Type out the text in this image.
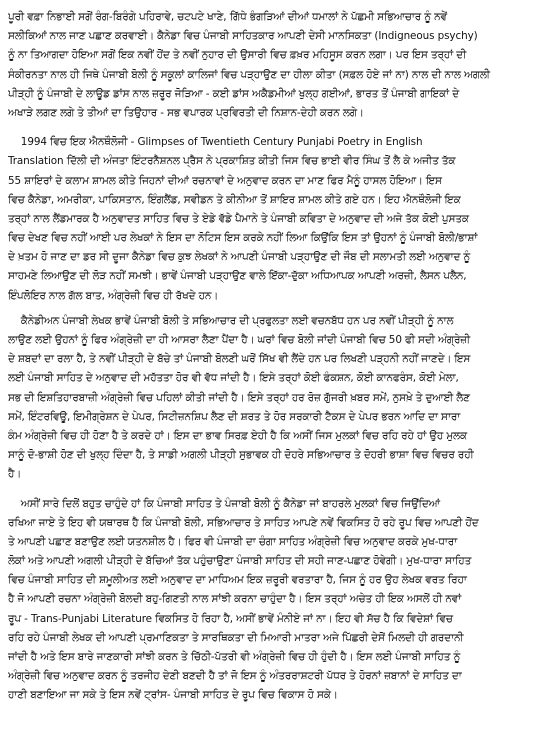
ਪੂਰੀ ਵਫ਼ਾ ਨਿਭਾਈ ਸਗੋਂ ਰੰਗ-ਬਿਰੰਗੇ ਪਹਿਰਾਵੇ, ਚਟਪਟੇ ਖਾਣੇ, ਗਿੱਧੇ ਭੰਗੜਿਆਂ ਦੀਆਂ ਧਮਾਲਾਂ ਨੇ ਪੱਛਮੀ ਸਭਿਆਚਾਰ ਨੂੰ ਨਵੇਂ
ਸਲੀਕਿਆਂ ਨਾਲ ਜਾਣ ਪਛਾਣ ਕਰਵਾਈ। ਕੈਨੇਡਾ ਵਿਚ ਪੰਜਾਬੀ ਸਾਹਿਤਕਾਰ ਆਪਣੀ ਦੇਸੀ ਮਾਨਸਿਕਤਾ (Indigneous psychy)
ਨੂੰ ਨਾ ਤਿਆਗਦਾ ਹੋਇਆ ਸਗੋਂ ਇਕ ਨਵੀਂ ਹੋਂਦ ਤੇ ਨਵੀਂ ਨੁਹਾਰ ਦੀ ਉਸਾਰੀ ਵਿਚ ਫ਼ਖ਼ਰ ਮਹਿਸੂਸ ਕਰਨ ਲਗਾ। ਪਰ ਇਸ ਤਰ੍ਹਾਂ ਦੀ
ਸੰਕੀਰਨਤਾ ਨਾਲ ਹੀ ਜਿਥੇ ਪੰਜਾਬੀ ਬੋਲੀ ਨੂੰ ਸਕੂਲਾਂ ਕਾਲਿਜਾਂ ਵਿਚ ਪੜ੍ਹਾਉਣ ਦਾ ਹੀਲਾ ਕੀਤਾ (ਸਫ਼ਲ ਹੋਏ ਜਾਂ ਨਾ) ਨਾਲ ਦੀ ਨਾਲ ਅਗਲੀ
ਪੀੜ੍ਹੀ ਨੂੰ ਪੰਜਾਬੀ ਦੇ ਲਾਊਡ ਡਾਂਸ ਨਾਲ ਜ਼ਰੂਰ ਜੋੜਿਆ - ਕਈ ਡਾਂਸ ਅਕੈਡਮੀਆਂ ਖੁਲ੍ਹ ਗਈਆਂ, ਭਾਰਤ ਤੋਂ ਪੰਜਾਬੀ ਗਾਇਕਾਂ ਦੇ
ਅਖਾੜੇ ਲਗਣ ਲਗੇ ਤੇ ਤੀਆਂ ਦਾ ਤਿਉਹਾਰ - ਸਭ ਵਪਾਰਕ ਪ੍ਰਵਿਰਤੀ ਦੀ ਨਿਸ਼ਾਨ-ਦੇਹੀ ਕਰਨ ਲਗੇ।
1994 ਵਿਚ ਇਕ ਐਨਥੌਲੋਜੀ - Glimpses of Twentieth Century Punjabi Poetry in English
Translation ਦਿੱਲੀ ਦੀ ਅੰਜਤਾ ਇੰਟਰਨੈਸ਼ਨਲ ਪ੍ਰੈਸ ਨੇ ਪ੍ਰਕਾਸ਼ਿਤ ਕੀਤੀ ਜਿਸ ਵਿਚ ਭਾਈ ਵੀਰ ਸਿੰਘ ਤੋਂ ਲੈ ਕੇ ਅਜੀਤ ਤੱਕ
55 ਸ਼ਾਇਰਾਂ ਦੇ ਕਲਾਮ ਸ਼ਾਮਲ ਕੀਤੇ ਜਿਹਨਾਂ ਦੀਆਂ ਰਚਨਾਵਾਂ ਦੇ ਅਨੁਵਾਦ ਕਰਨ ਦਾ ਮਾਣ ਫਿਰ ਮੈਨੂੰ ਹਾਸਲ ਹੋਇਆ। ਇਸ
ਵਿਚ ਕੈਨੇਡਾ, ਅਮਰੀਕਾ, ਪਾਕਿਸਤਾਨ, ਇੰਗਲੈਂਡ, ਸਵੀਡਨ ਤੇ ਕੀਨੀਆ ਤੋਂ ਸ਼ਾਇਰ ਸ਼ਾਮਲ ਕੀਤੇ ਗਏ ਹਨ। ਇਹ ਐਨਥੌਲੋਜੀ ਇਕ
ਤਰ੍ਹਾਂ ਨਾਲ ਲੈਂਡਮਾਰਕ ਹੈ ਅਨੁਵਾਦਤ ਸਾਹਿਤ ਵਿਚ ਤੇ ਏਡੇ ਵੱਡੇ ਪੈਮਾਨੇ ਤੇ ਪੰਜਾਬੀ ਕਵਿਤਾ ਦੇ ਅਨੁਵਾਦ ਦੀ ਅਜੇ ਤੱਕ ਕੋਈ ਪੁਸਤਕ
ਵਿਚ ਦੇਖਣ ਵਿਚ ਨਹੀਂ ਆਈ ਪਰ ਲੇਖਕਾਂ ਨੇ ਇਸ ਦਾ ਨੋਟਿਸ ਇਸ ਕਰਕੇ ਨਹੀਂ ਲਿਆ ਕਿਉਂਕਿ ਇਸ ਤਾਂ ਉਹਨਾਂ ਨੂੰ ਪੰਜਾਬੀ ਬੋਲੀ/ਭਾਸ਼ਾਂ
ਦੇ ਖ਼ਤਮ ਹੋ ਜਾਣ ਦਾ ਡਰ ਸੀ ਦੂਜਾ ਕੈਨੇਡਾ ਵਿਚ ਕੁਝ ਲੇਖਕਾਂ ਨੇ ਆਪਣੀ ਪੰਜਾਬੀ ਪੜ੍ਹਾਉਣ ਦੀ ਜੌਬ ਦੀ ਸਲਾਮਤੀ ਲਈ ਅਨੁਵਾਦ ਨੂੰ
ਸਾਹਮਣੇ ਲਿਆਉਣ ਦੀ ਲੋੜ ਨਹੀਂ ਸਮਝੀ। ਭਾਵੇਂ ਪੰਜਾਬੀ ਪੜ੍ਹਾਉਣ ਵਾਲੇ ਇੱਕਾ-ਦੁੱਕਾ ਅਧਿਆਪਕ ਆਪਣੀ ਅਰਜ਼ੀ, ਲੈਸਨ ਪਲੈਨ,
ਇੰਪਲੋਇਰ ਨਾਲ ਗੱਲ ਬਾਤ, ਅੰਗ੍ਰੇਜ਼ੀ ਵਿਚ ਹੀ ਰੱਖਦੇ ਹਨ।
ਕੈਨੇਡੀਅਨ ਪੰਜਾਬੀ ਲੇਖਕ ਭਾਵੇਂ ਪੰਜਾਬੀ ਬੋਲੀ ਤੇ ਸਭਿਆਚਾਰ ਦੀ ਪ੍ਰਫੁਲਤਾ ਲਈ ਵਚਨਬੱਧ ਹਨ ਪਰ ਨਵੀਂ ਪੀੜ੍ਹੀ ਨੂੰ ਨਾਲ
ਲਾਉਣ ਲਈ ਉਹਨਾਂ ਨੂੰ ਫਿਰ ਅੰਗ੍ਰੇਜ਼ੀ ਦਾ ਹੀ ਆਸਰਾ ਲੈਣਾ ਪੈਂਦਾ ਹੈ। ਘਰਾਂ ਵਿਚ ਬੋਲੀ ਜਾਂਦੀ ਪੰਜਾਬੀ ਵਿਚ 50 ਫੀ ਸਦੀ ਅੰਗ੍ਰੇਜ਼ੀ
ਦੇ ਸ਼ਬਦਾਂ ਦਾ ਰਲਾ ਹੈ, ਤੇ ਨਵੀਂ ਪੀੜ੍ਹੀ ਦੇ ਬੱਚੇ ਤਾਂ ਪੰਜਾਬੀ ਬੋਲਣੀ ਘਰੋਂ ਸਿੱਖ ਵੀ ਲੈਂਦੇ ਹਨ ਪਰ ਲਿਖਣੀ ਪੜ੍ਹਨੀ ਨਹੀਂ ਜਾਣਦੇ। ਇਸ
ਲਈ ਪੰਜਾਬੀ ਸਾਹਿਤ ਦੇ ਅਨੁਵਾਦ ਦੀ ਮਹੱਤਤਾ ਹੋਰ ਵੀ ਵੱਧ ਜਾਂਦੀ ਹੈ। ਇਸੇ ਤਰ੍ਹਾਂ ਕੋਈ ਫੰਕਸ਼ਨ, ਕੋਈ ਕਾਨਫਰੰਸ, ਕੋਈ ਮੇਲਾ,
ਸਭ ਦੀ ਇਸ਼ਤਿਹਾਰਬਾਜ਼ੀ ਅੰਗ੍ਰੇਜ਼ੀ ਵਿਚ ਪਹਿਲਾਂ ਕੀਤੀ ਜਾਂਦੀ ਹੈ। ਇਸੇ ਤਰ੍ਹਾਂ ਹਰ ਰੋਜ਼ ਗੁੱਜਰੀ ਖ਼ਬਰ ਸਮੇਂ, ਨੁਸਖ਼ੇ ਤੇ ਦੁਆਈ ਲੈਣ
ਸਮੇਂ, ਇੰਟਰਵਿਊ, ਇਮੀਗ੍ਰੇਸ਼ਨ ਦੇ ਪੇਪਰ, ਸਿਟੀਜ਼ਨਸ਼ਿਪ ਲੈਣ ਦੀ ਸ਼ਰਤ ਤੇ ਹੋਰ ਸਰਕਾਰੀ ਟੈਕਸ ਦੇ ਪੇਪਰ ਭਰਨ ਆਦਿ ਦਾ ਸਾਰਾ
ਕੰਮ ਅੰਗ੍ਰੇਜ਼ੀ ਵਿਚ ਹੀ ਹੋਣਾ ਹੈ ਤੇ ਕਰਦੇ ਹਾਂ। ਇਸ ਦਾ ਭਾਵ ਸਿਰਫ਼ ਏਹੀ ਹੈ ਕਿ ਅਸੀਂ ਜਿਸ ਮੁਲਕਾਂ ਵਿਚ ਰਹਿ ਰਹੇ ਹਾਂ ਉਹ ਮੁਲਕ
ਸਾਨੂੰ ਦੋ-ਭਾਸ਼ੀ ਹੋਣ ਦੀ ਖੁਲ੍ਹ ਦਿੰਦਾ ਹੈ, ਤੇ ਸਾਡੀ ਅਗਲੀ ਪੀੜ੍ਹੀ ਸੁਭਾਵਕ ਹੀ ਦੋਹਰੇ ਸਭਿਆਚਾਰ ਤੇ ਦੋਹਰੀ ਭਾਸ਼ਾ ਵਿਚ ਵਿਚਰ ਰਹੀ
ਹੈ।
ਅਸੀਂ ਸਾਰੇ ਦਿਲੋਂ ਬਹੁਤ ਚਾਹੁੰਦੇ ਹਾਂ ਕਿ ਪੰਜਾਬੀ ਸਾਹਿਤ ਤੇ ਪੰਜਾਬੀ ਬੋਲੀ ਨੂੰ ਕੈਨੇਡਾ ਜਾਂ ਬਾਹਰਲੇ ਮੁਲਕਾਂ ਵਿਚ ਜਿਉਂਦਿਆਂ
ਰਖਿਆ ਜਾਏ ਤੇ ਇਹ ਵੀ ਯਥਾਰਥ ਹੈ ਕਿ ਪੰਜਾਬੀ ਬੋਲੀ, ਸਭਿਆਚਾਰ ਤੇ ਸਾਹਿਤ ਆਪਣੇ ਨਵੇਂ ਵਿਕਸਿਤ ਹੋ ਰਹੇ ਰੂਪ ਵਿਚ ਆਪਣੀ ਹੋਂਦ
ਤੇ ਆਪਣੀ ਪਛਾਣ ਬਣਾਉਣ ਲਈ ਯਤਨਸ਼ੀਲ ਹੈ। ਫਿਰ ਵੀ ਪੰਜਾਬੀ ਦਾ ਚੰਗਾ ਸਾਹਿਤ ਅੰਗ੍ਰੇਜ਼ੀ ਵਿਚ ਅਨੁਵਾਦ ਕਰਕੇ ਮੁਖ-ਧਾਰਾ
ਲੋਕਾਂ ਅਤੇ ਆਪਣੀ ਅਗਲੀ ਪੀੜ੍ਹੀ ਦੇ ਬੱਚਿਆਂ ਤੱਕ ਪਹੁੰਚਾਉਣਾ ਪੰਜਾਬੀ ਸਾਹਿਤ ਦੀ ਸਹੀ ਜਾਣ-ਪਛਾਣ ਹੋਵੇਗੀ। ਮੁਖ-ਧਾਰਾ ਸਾਹਿਤ
ਵਿਚ ਪੰਜਾਬੀ ਸਾਹਿਤ ਦੀ ਸ਼ਮੂਲੀਅਤ ਲਈ ਅਨੁਵਾਦ ਦਾ ਮਾਧਿਅਮ ਇਕ ਜ਼ਰੂਰੀ ਵਰਤਾਰਾ ਹੈ, ਜਿਸ ਨੂੰ ਹਰ ਉਹ ਲੇਖਕ ਵਰਤ ਰਿਹਾ
ਹੈ ਜੋ ਆਪਣੀ ਰਚਨਾ ਅੰਗ੍ਰੇਜ਼ੀ ਬੋਲਦੀ ਬਹੁ-ਗਿਣਤੀ ਨਾਲ ਸਾਂਝੀ ਕਰਨਾ ਚਾਹੁੰਦਾ ਹੈ। ਇਸ ਤਰ੍ਹਾਂ ਅਚੇਤ ਹੀ ਇਕ ਅਸਲੋਂ ਹੀ ਨਵਾਂ
ਰੂਪ - Trans-Punjabi Literature ਵਿਕਸਿਤ ਹੋ ਰਿਹਾ ਹੈ, ਅਸੀਂ ਭਾਵੇਂ ਮੰਨੀਏ ਜਾਂ ਨਾ। ਇਹ ਵੀ ਸੱਚ ਹੈ ਕਿ ਵਿਦੇਸ਼ਾਂ ਵਿਚ
ਰਹਿ ਰਹੇ ਪੰਜਾਬੀ ਲੇਖਕ ਦੀ ਆਪਣੀ ਪ੍ਰਮਾਣਿਕਤਾ ਤੇ ਸਾਰਥਿਕਤਾ ਦੀ ਮਿਆਰੀ ਮਾਤਰਾ ਅਜੇ ਪਿੱਛਰੀ ਦੇਸੋਂ ਮਿਲਦੀ ਹੀ ਗਰਦਾਨੀ
ਜਾਂਦੀ ਹੈ ਅਤੇ ਇਸ ਬਾਰੇ ਜਾਣਕਾਰੀ ਸਾਂਝੀ ਕਰਨ ਤੇ ਚਿੱਠੀ-ਪੱਤਰੀ ਵੀ ਅੰਗ੍ਰੇਜ਼ੀ ਵਿਚ ਹੀ ਹੁੰਦੀ ਹੈ। ਇਸ ਲਈ ਪੰਜਾਬੀ ਸਾਹਿਤ ਨੂੰ
ਅੰਗ੍ਰੇਜ਼ੀ ਵਿਚ ਅਨੁਵਾਦ ਕਰਨ ਨੂੰ ਤਰਜੀਹ ਦੇਣੀ ਬਣਦੀ ਹੈ ਤਾਂ ਜੋ ਇਸ ਨੂੰ ਅੰਤਰਰਾਸ਼ਟਰੀ ਪੱਧਰ ਤੇ ਹੋਰਨਾਂ ਜ਼ਬਾਨਾਂ ਦੇ ਸਾਹਿਤ ਦਾ
ਹਾਣੀ ਬਣਾਇਆ ਜਾ ਸਕੇ ਤੇ ਇਸ ਨਵੇਂ ਟ੍ਰਾਂਸ- ਪੰਜਾਬੀ ਸਾਹਿਤ ਦੇ ਰੂਪ ਵਿਚ ਵਿਕਾਸ ਹੋ ਸਕੇ।
